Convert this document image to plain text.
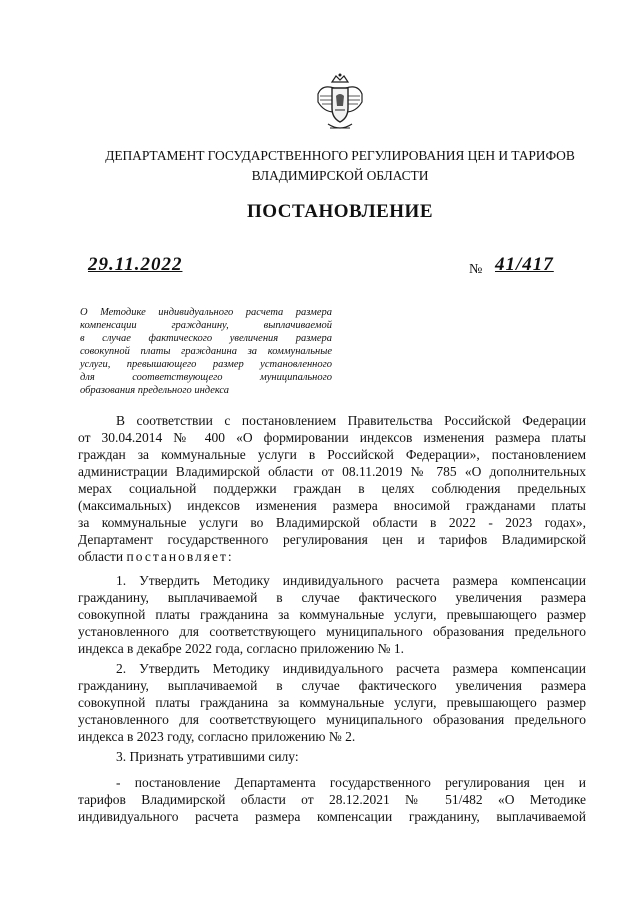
ДЕПАРТАМЕНТ ГОСУДАРСТВЕННОГО РЕГУЛИРОВАНИЯ ЦЕН И ТАРИФОВ
ВЛАДИМИРСКОЙ ОБЛАСТИ
ПОСТАНОВЛЕНИЕ
29.11.2022	№ 41/417
О Методике индивидуального расчета размера
компенсации гражданину, выплачиваемой
в случае фактического увеличения размера
совокупной платы гражданина за коммунальные
услуги, превышающего размер установленного
для соответствующего муниципального
образования предельного индекса
В соответствии с постановлением Правительства Российской Федерации
от 30.04.2014 № 400 «О формировании индексов изменения размера платы
граждан за коммунальные услуги в Российской Федерации», постановлением
администрации Владимирской области от 08.11.2019 № 785 «О дополнительных
мерах социальной поддержки граждан в целях соблюдения предельных
(максимальных) индексов изменения размера вносимой гражданами платы
за коммунальные услуги во Владимирской области в 2022 - 2023 годах»,
Департамент государственного регулирования цен и тарифов Владимирской
области постановляет:
1. Утвердить Методику индивидуального расчета размера компенсации
гражданину, выплачиваемой в случае фактического увеличения размера
совокупной платы гражданина за коммунальные услуги, превышающего размер
установленного для соответствующего муниципального образования предельного
индекса в декабре 2022 года, согласно приложению № 1.
2. Утвердить Методику индивидуального расчета размера компенсации
гражданину, выплачиваемой в случае фактического увеличения размера
совокупной платы гражданина за коммунальные услуги, превышающего размер
установленного для соответствующего муниципального образования предельного
индекса в 2023 году, согласно приложению № 2.
3. Признать утратившими силу:
- постановление Департамента государственного регулирования цен и
тарифов Владимирской области от 28.12.2021 № 51/482 «О Методике
индивидуального расчета размера компенсации гражданину, выплачиваемой
